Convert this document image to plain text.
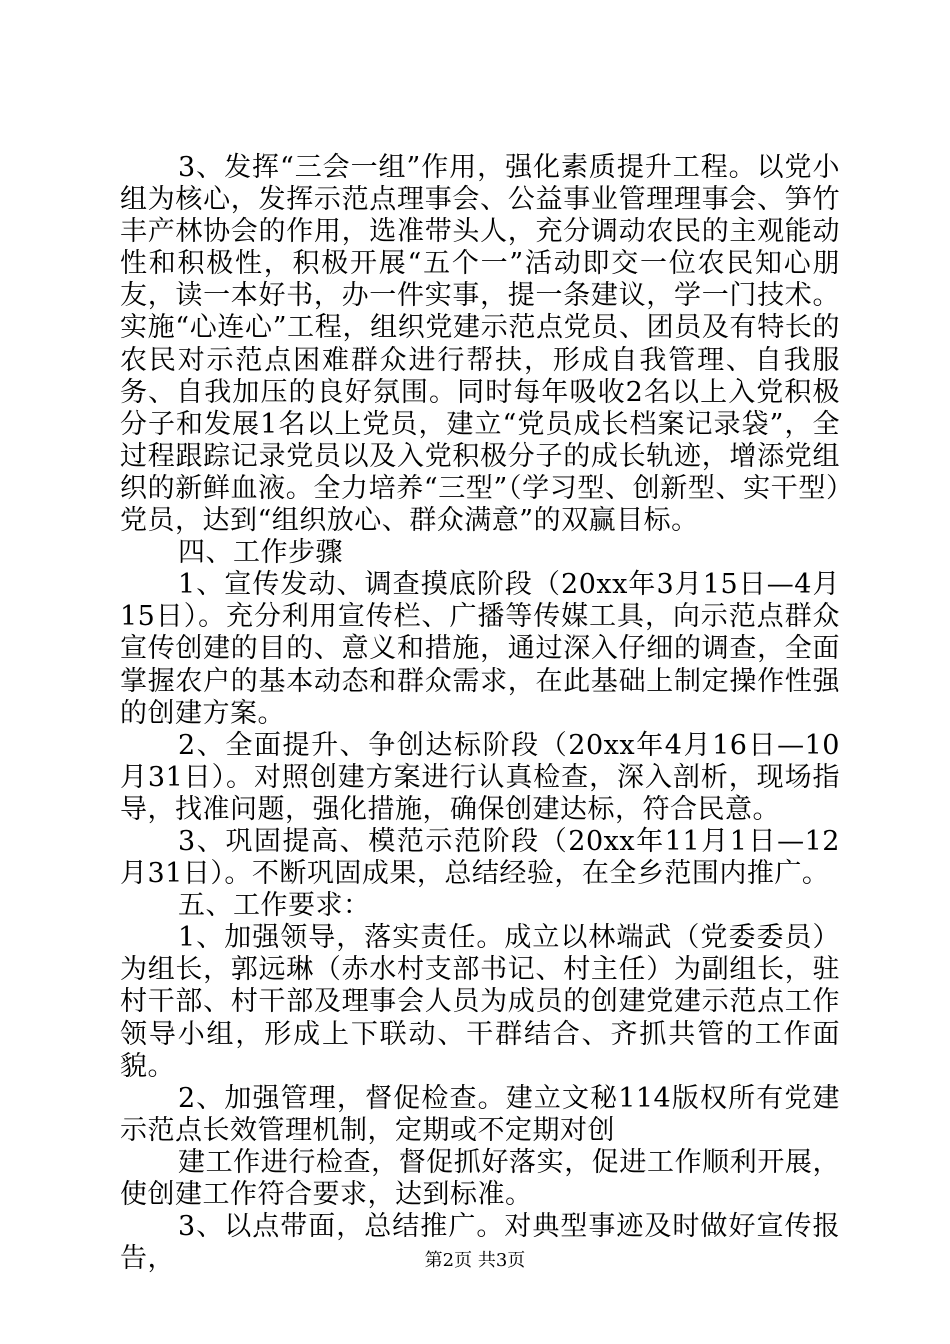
3、发挥“三会一组”作用，强化素质提升工程。以党小组为核心，发挥示范点理事会、公益事业管理理事会、笋竹丰产林协会的作用，选准带头人，充分调动农民的主观能动性和积极性，积极开展“五个一”活动即交一位农民知心朋友，读一本好书，办一件实事，提一条建议，学一门技术。实施“心连心”工程，组织党建示范点党员、团员及有特长的农民对示范点困难群众进行帮扶，形成自我管理、自我服务、自我加压的良好氛围。同时每年吸收2名以上入党积极分子和发展1名以上党员，建立“党员成长档案记录袋”，全过程跟踪记录党员以及入党积极分子的成长轨迹，增添党组织的新鲜血液。全力培养“三型”（学习型、创新型、实干型）党员，达到“组织放心、群众满意”的双赢目标。

四、工作步骤

1、宣传发动、调查摸底阶段（20xx年3月15日—4月15日）。充分利用宣传栏、广播等传媒工具，向示范点群众宣传创建的目的、意义和措施，通过深入仔细的调查，全面掌握农户的基本动态和群众需求，在此基础上制定操作性强的创建方案。

2、全面提升、争创达标阶段（20xx年4月16日—10月31日）。对照创建方案进行认真检查，深入剖析，现场指导，找准问题，强化措施，确保创建达标，符合民意。

3、巩固提高、模范示范阶段（20xx年11月1日—12月31日）。不断巩固成果，总结经验，在全乡范围内推广。

五、工作要求：

1、加强领导，落实责任。成立以林端武（党委委员）为组长，郭远琳（赤水村支部书记、村主任）为副组长，驻村干部、村干部及理事会人员为成员的创建党建示范点工作领导小组，形成上下联动、干群结合、齐抓共管的工作面貌。

2、加强管理，督促检查。建立文秘114版权所有党建示范点长效管理机制，定期或不定期对创

建工作进行检查，督促抓好落实，促进工作顺利开展，使创建工作符合要求，达到标准。

3、以点带面，总结推广。对典型事迹及时做好宣传报告，	第2页 共3页
